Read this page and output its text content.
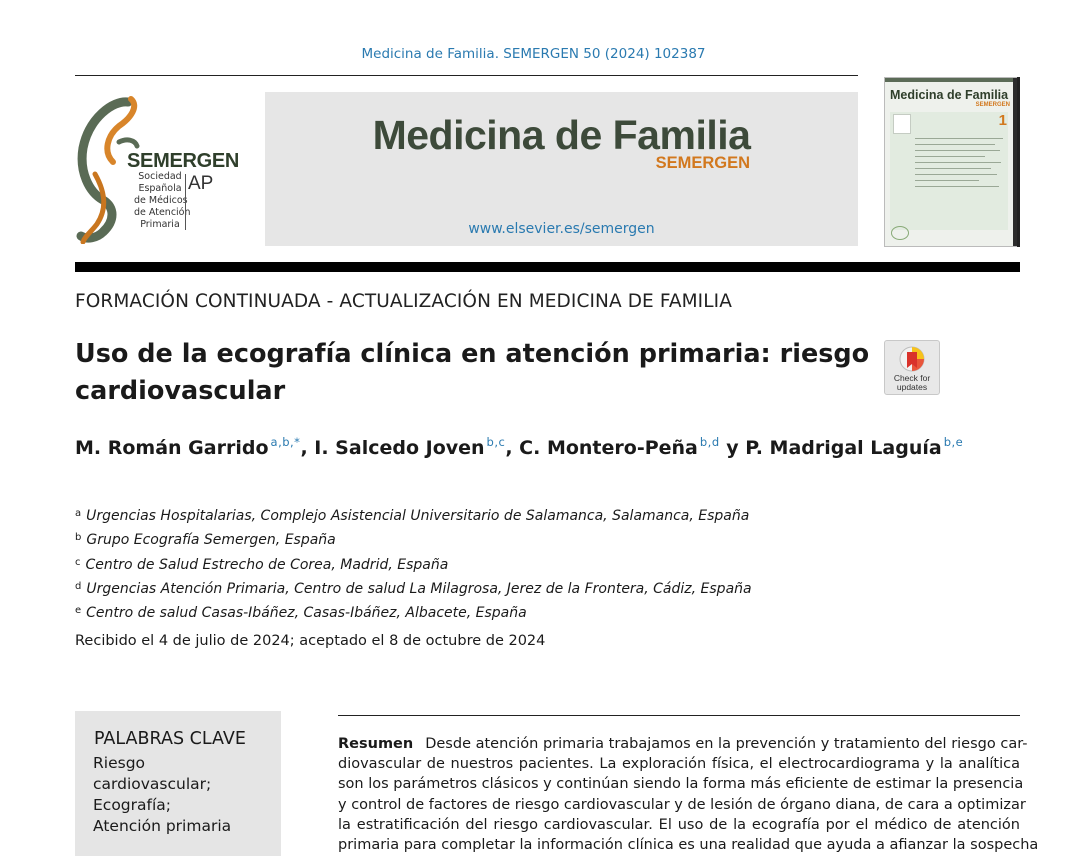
Medicina de Familia. SEMERGEN 50 (2024) 102387
SEMERGEN
Sociedad
Española
de Médicos
de Atención
Primaria
AP
Medicina de Familia
SEMERGEN
www.elsevier.es/semergen
Medicina de Familia
SEMERGEN
1
FORMACIÓN CONTINUADA - ACTUALIZACIÓN EN MEDICINA DE FAMILIA
Uso de la ecografía clínica en atención primaria: riesgo cardiovascular	Check for
updates
M. Román Garrido $^{a,b,*}$, I. Salcedo Joven $^{b,c}$, C. Montero-Peña $^{b,d}$ y P. Madrigal Laguía $^{b,e}$
$^a$ Urgencias Hospitalarias, Complejo Asistencial Universitario de Salamanca, Salamanca, España
$^b$ Grupo Ecografía Semergen, España
$^c$ Centro de Salud Estrecho de Corea, Madrid, España
$^d$ Urgencias Atención Primaria, Centro de salud La Milagrosa, Jerez de la Frontera, Cádiz, España
$^e$ Centro de salud Casas-Ibáñez, Casas-Ibáñez, Albacete, España
Recibido el 4 de julio de 2024; aceptado el 8 de octubre de 2024
PALABRAS CLAVE
Riesgo
cardiovascular;
Ecografía;
Atención primaria
Resumen Desde atención primaria trabajamos en la prevención y tratamiento del riesgo car-
diovascular de nuestros pacientes. La exploración física, el electrocardiograma y la analítica
son los parámetros clásicos y continúan siendo la forma más eficiente de estimar la presencia
y control de factores de riesgo cardiovascular y de lesión de órgano diana, de cara a optimizar
la estratificación del riesgo cardiovascular. El uso de la ecografía por el médico de atención
primaria para completar la información clínica es una realidad que ayuda a afianzar la sospecha
